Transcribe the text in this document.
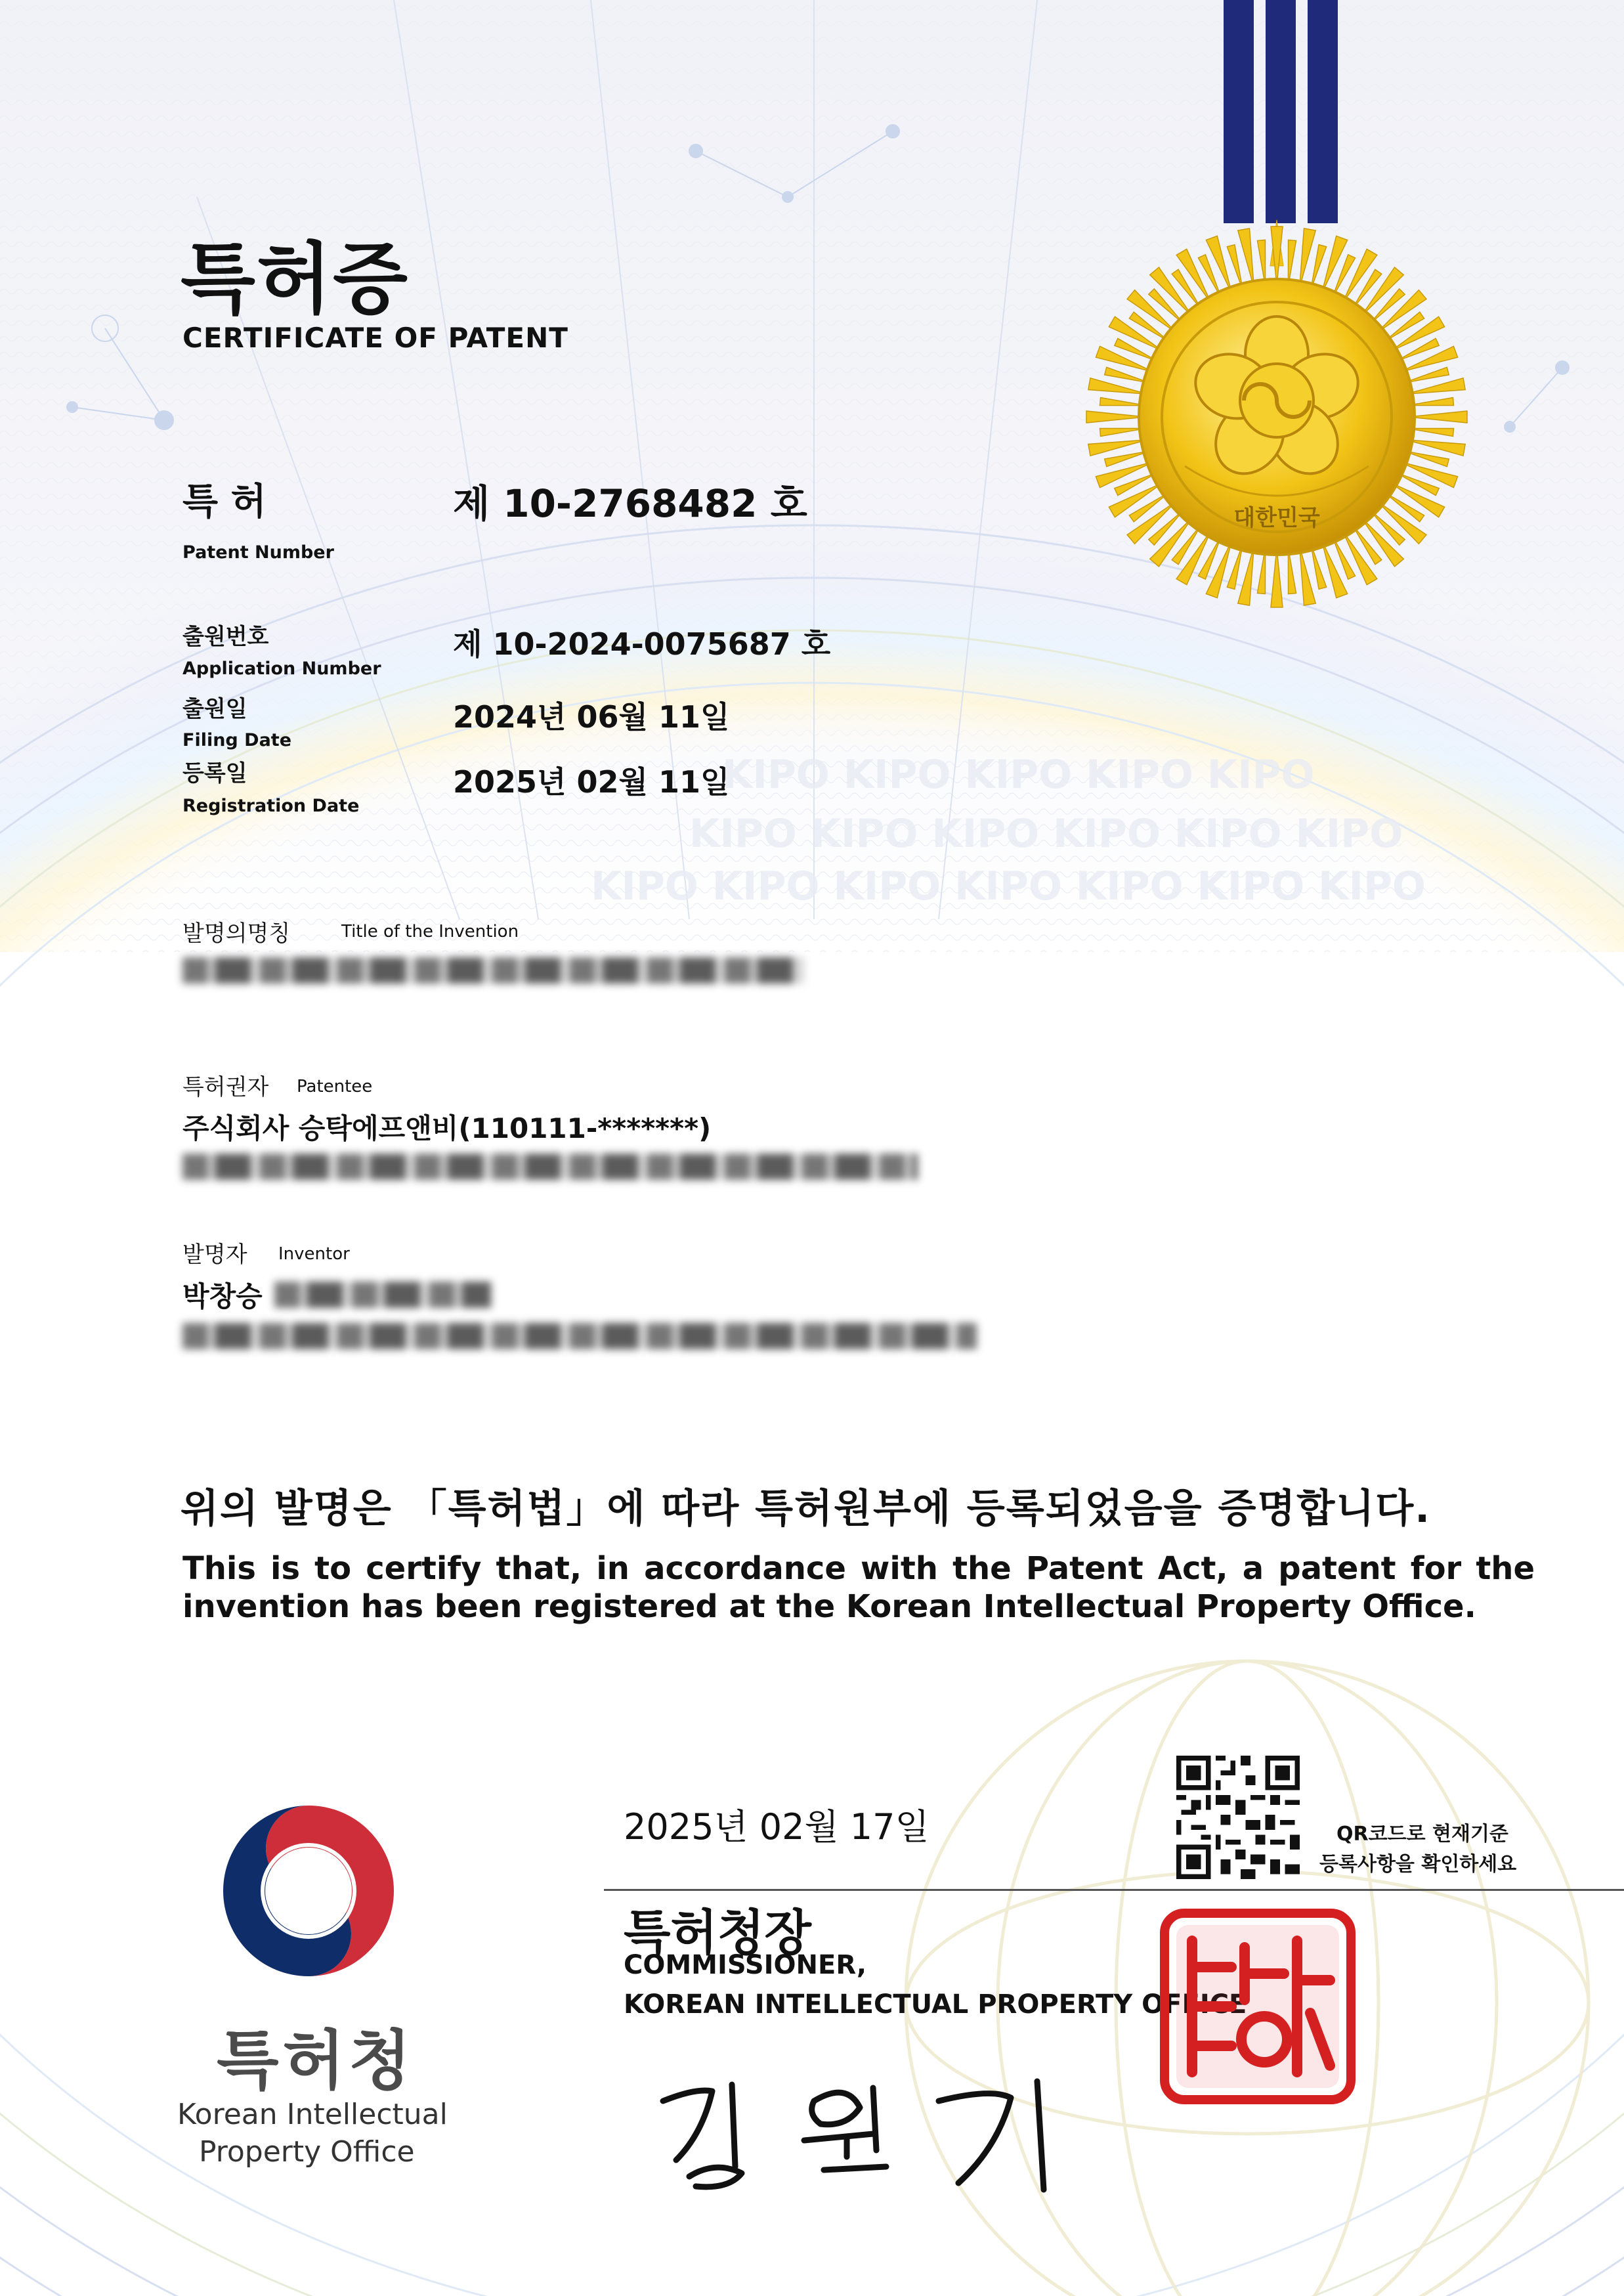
KIPO KIPO KIPO KIPO KIPO
KIPO KIPO KIPO KIPO KIPO KIPO
KIPO KIPO KIPO KIPO KIPO KIPO KIPO
대한민국
특허증
CERTIFICATE OF PATENT
특 허
Patent Number
제 10-2768482 호
출원번호
Application Number
제 10-2024-0075687 호
출원일
Filing Date
2024년 06월 11일
등록일
Registration Date
2025년 02월 11일
발명의명칭	Title of the Invention
특허권자 Patentee
주식회사 승탁에프앤비(110111-*******)
발명자 Inventor
박창승
위의 발명은 「특허법」에 따라 특허원부에 등록되었음을 증명합니다.
This is to certify that, in accordance with the Patent Act, a patent for the invention has been registered at the Korean Intellectual Property Office.
QR코드로 현재기준
등록사항을 확인하세요
2025년 02월 17일
특허청장
COMMISSIONER,
KOREAN INTELLECTUAL PROPERTY OFFICE
특허청
Korean Intellectual
Property Office
